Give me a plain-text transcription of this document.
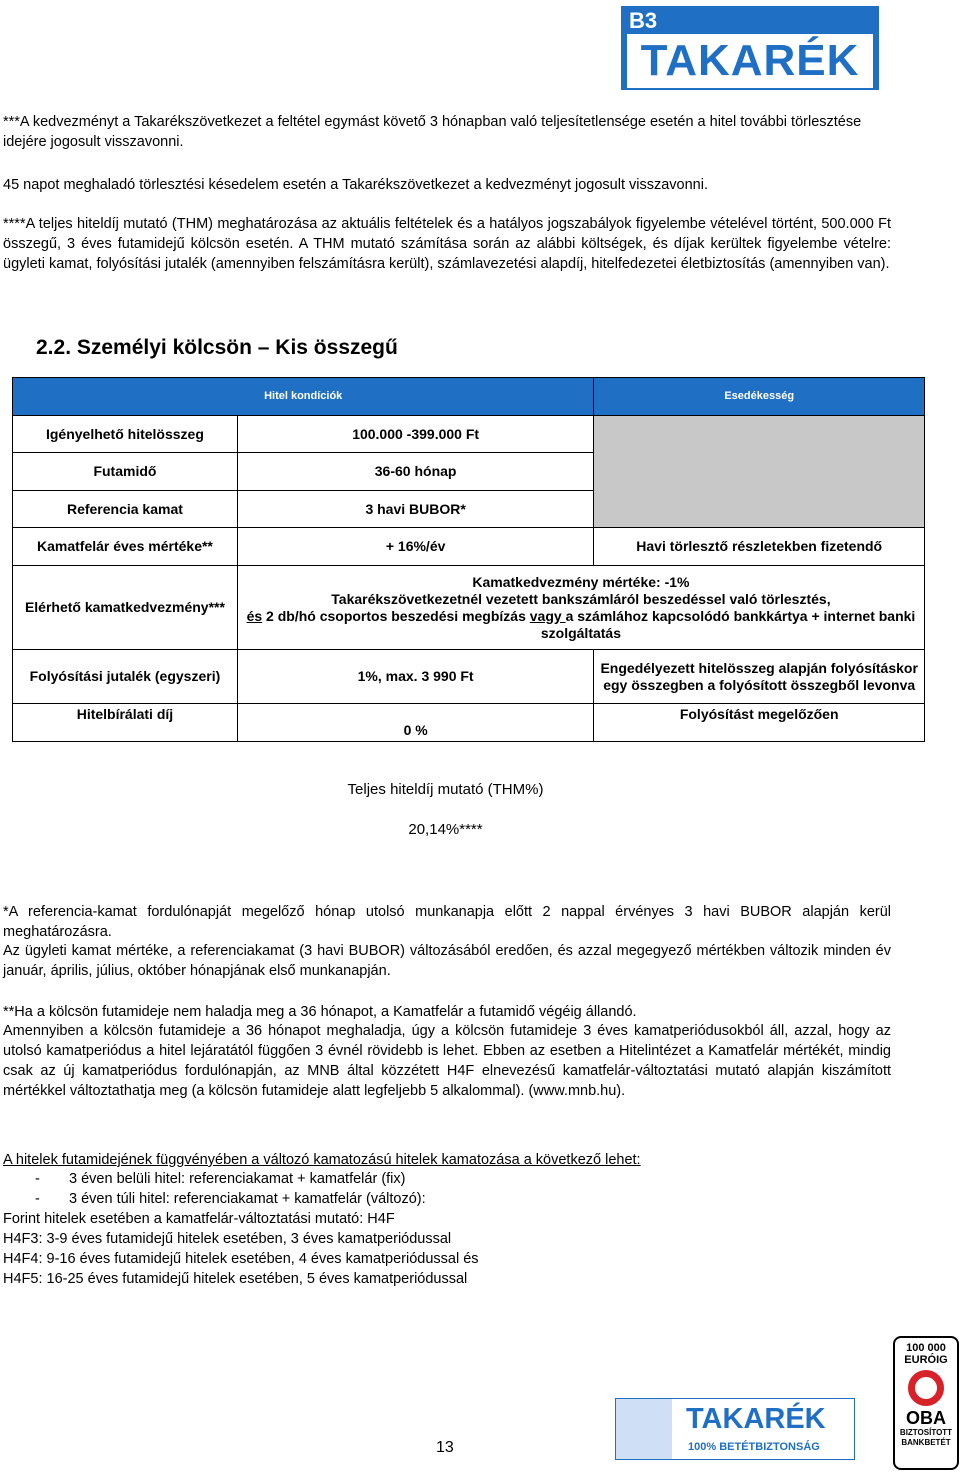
B3
TAKARÉK

***A kedvezményt a Takarékszövetkezet a feltétel egymást követő 3 hónapban való teljesítetlensége esetén a hitel további törlesztése idejére jogosult visszavonni.

45 napot meghaladó törlesztési késedelem esetén a Takarékszövetkezet a kedvezményt jogosult visszavonni.

****A teljes hiteldíj mutató (THM) meghatározása az aktuális feltételek és a hatályos jogszabályok figyelembe vételével történt, 500.000 Ft összegű, 3 éves futamidejű kölcsön esetén. A THM mutató számítása során az alábbi költségek, és díjak kerültek figyelembe vételre: ügyleti kamat, folyósítási jutalék (amennyiben felszámításra került), számlavezetési alapdíj, hitelfedezetei életbiztosítás (amennyiben van).

2.2. Személyi kölcsön – Kis összegű
Hitel kondíciók		Esedékesség
Igényelhető hitelösszeg	100.000 -399.000 Ft	
Futamidő	36-60 hónap	
Referencia kamat	3 havi BUBOR*	
Kamatfelár éves mértéke**	+ 16%/év	Havi törlesztő részletekben fizetendő
Elérhető kamatkedvezmény***	Kamatkedvezmény mértéke: -1%
Takarékszövetkezetnél vezetett bankszámláról beszedéssel való törlesztés,
és 2 db/hó csoportos beszedési megbízás vagy a számlához kapcsolódó bankkártya + internet banki szolgáltatás	

Folyósítási jutalék (egyszeri)	1%, max. 3 990 Ft	Engedélyezett hitelösszeg alapján folyósításkor egy összegben a folyósított összegből levonva
Hitelbírálati díj	0 %	Folyósítást megelőzően
Teljes hiteldíj mutató (THM%)
20,14%****

*A referencia-kamat fordulónapját megelőző hónap utolsó munkanapja előtt 2 nappal érvényes 3 havi BUBOR alapján kerül meghatározásra.

Az ügyleti kamat mértéke, a referenciakamat (3 havi BUBOR) változásából eredően, és azzal megegyező mértékben változik minden év január, április, július, október hónapjának első munkanapján.

**Ha a kölcsön futamideje nem haladja meg a 36 hónapot, a Kamatfelár a futamidő végéig állandó.

Amennyiben a kölcsön futamideje a 36 hónapot meghaladja, úgy a kölcsön futamideje 3 éves kamatperiódusokból áll, azzal, hogy az utolsó kamatperiódus a hitel lejáratától függően 3 évnél rövidebb is lehet. Ebben az esetben a Hitelintézet a Kamatfelár mértékét, mindig csak az új kamatperiódus fordulónapján, az MNB által közzétett H4F elnevezésű kamatfelár-változtatási mutató alapján kiszámított mértékkel változtathatja meg (a kölcsön futamideje alatt legfeljebb 5 alkalommal). (www.mnb.hu).

A hitelek futamidejének függvényében a változó kamatozású hitelek kamatozása a következő lehet:

- 3 éven belüli hitel: referenciakamat + kamatfelár (fix)
- 3 éven túli hitel: referenciakamat + kamatfelár (változó):
Forint hitelek esetében a kamatfelár-változtatási mutató: H4F
H4F3: 3-9 éves futamidejű hitelek esetében, 3 éves kamatperiódussal
H4F4: 9-16 éves futamidejű hitelek esetében, 4 éves kamatperiódussal és
H4F5: 16-25 éves futamidejű hitelek esetében, 5 éves kamatperiódussal
13
TAKARÉK
100% BETÉTBIZTONSÁG
100 000
EURÓIG
OBA
BIZTOSÍTOTT
BANKBETÉT
